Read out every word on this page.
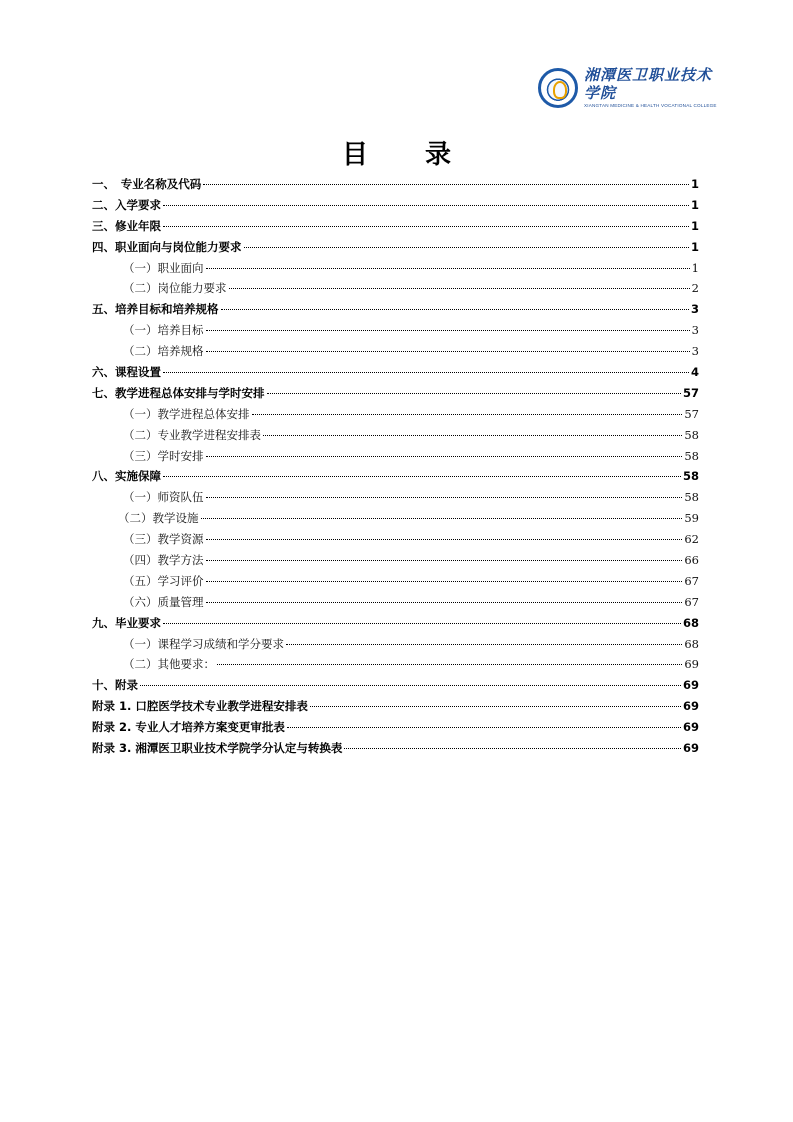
湘潭医卫职业技术学院
XIANGTAN MEDICINE & HEALTH VOCATIONAL COLLEGE
目 录
一、　专业名称及代码	1
二、入学要求	1
三、修业年限	1
四、职业面向与岗位能力要求	1
（一）职业面向	1
（二）岗位能力要求	2
五、培养目标和培养规格	3
（一）培养目标	3
（二）培养规格	3
六、课程设置	4
七、教学进程总体安排与学时安排	57
（一）教学进程总体安排	57
（二）专业教学进程安排表	58
（三）学时安排	58
八、实施保障	58
（一）师资队伍	58
（二）教学设施	59
（三）教学资源	62
（四）教学方法	66
（五）学习评价	67
（六）质量管理	67
九、毕业要求	68
（一）课程学习成绩和学分要求	68
（二）其他要求：	69
十、附录	69
附录 1. 口腔医学技术专业教学进程安排表	69
附录 2. 专业人才培养方案变更审批表	69
附录 3. 湘潭医卫职业技术学院学分认定与转换表	69
